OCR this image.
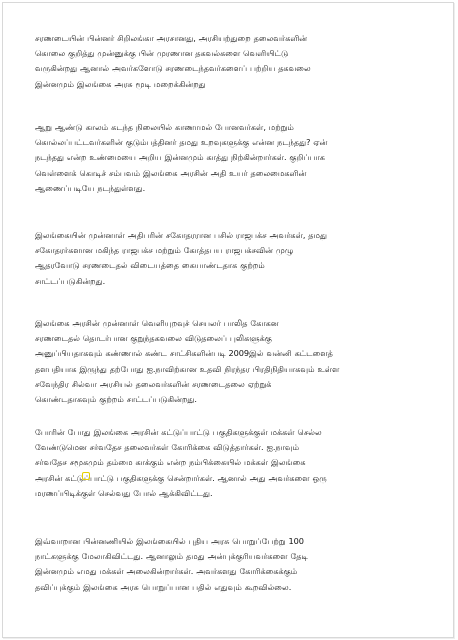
சரணடையின் பின்னர் சிறிலங்கா அரசானது, அரசியற்துறை தலைவர்களின்
கொலை குறித்து முன்னுக்கு பின் முரணான தகவல்களை வெளியிட்டு
வருகின்றது ஆனால் அவர்களோடு சரணடைந்தவர்களைப் பற்றிய தகவலை
இன்னமும் இலங்கை அரசு மூடி மறைக்கின்றது
ஆறு ஆண்டு காலம் கடந்த நிலையில் காணாமல் போனவர்கள், மற்றும்
கொல்லப்பட்டவர்களின் குடும்பத்தினர் தமது உறவுகளுக்கு என்ன நடந்தது? ஏன்
நடந்தது என்ற உண்மையை அறிய இன்னமும் காத்து நிற்கின்றார்கள். குறிப்பாக
வெள்ளைக் கொடிச் சம்பவம் இலங்கை அரசின் அதி உயர் தலைமைகளின்
ஆணைப்படியே நடந்துள்ளது.
இலங்கையின் முன்னாள் அதிபரின் சகோதரரான பசில் ராஜபக்ச அவர்கள், தமது
சகோதரர்களான மகிந்த ராஜபக்ச மற்றும் கோத்தபய ராஜபக்சவின் முழு
ஆதரவோடு சரணடைதல் விடையத்தை கையாண்டதாக குற்றம்
சாட்டப்படுகின்றது.
இலங்கை அரசின் முன்னாள் வெளியுறவுச் செயலர் பாலித கோகன
சரணடைதல் தொடர்பான குறுந்தகவலை விடுதலைப் புலிகளுக்கு
அனுப்பியதாகவும் கண்ணால் கண்ட சாட்சிகளின்படி 2009இல் வன்னி கட்டளைத்
தளபதியாக இருந்து தற்போது ஐ.நாவிற்கான உதவி நிரந்தர பிரதிநிதியாகவும் உள்ள
சவேந்திர சில்வா அரசியல் தலைவர்களின் சரணடைதலை ஏற்றுக்
கொண்டதாகவும் குற்றம் சாட்டப்படுகின்றது.
போரின் போது இலங்கை அரசின் கட்டுப்பாட்டு பகுதிகளுக்குள் மக்கள் செல்ல
வேண்டுமென சர்வதேச தலைவர்கள் கோரிக்கை விடுத்தார்கள். ஐ.நாவும்
சர்வதேச சமூகமும் தம்மை காக்கும் என்ற நம்பிக்கையில் மக்கள் இலங்கை
அரசின் கட்டுப்பாட்டு பகுதிகளுக்கு சென்றார்கள். ஆனால் அது அவர்களை ஒரு
மரணப்பிடிக்குள் செல்வது போல் ஆக்கிவிட்டது.
இவ்வாறான பின்னணியில் இலங்கையில் புதிய அரசு பொறுப்பேற்று 100
நாட்களுக்கு மேலாகிவிட்டது. ஆனாலும் தமது அன்புக்குரியவர்களை தேடி
இன்னமும் எமது மக்கள் அலைகின்றார்கள். அவர்களது கோரிக்கைக்கும்
தவிப்புக்கும் இலங்கை அரசு பொறுப்பான பதில் எதுவும் கூறவில்லை.
